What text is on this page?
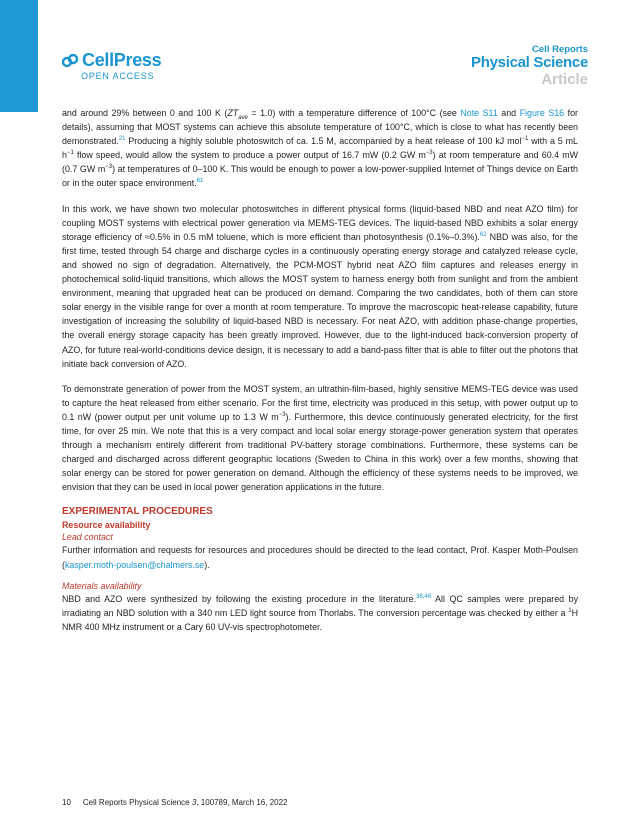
CellPress
OPEN ACCESS
Cell Reports
Physical Science
Article

and around 29% between 0 and 100 K $(ZT_{ave} = 1.0)$ with a temperature difference of 100°C (see Note S11 and Figure S16 for details), assuming that MOST systems can achieve this absolute temperature of 100°C, which is close to what has recently been demonstrated.$^{21}$ Producing a highly soluble photoswitch of ca. 1.5 M, accompanied by a heat release of 100 kJ mol$^{-1}$ with a 5 mL $h^{-1}$ flow speed, would allow the system to produce a power output of 16.7 mW (0.2 GW $m^{-3}$) at room temperature and 60.4 mW (0.7 GW $m^{-3}$) at temperatures of 0–100 K. This would be enough to power a low-power-supplied Internet of Things device on Earth or in the outer space environment.$^{61}$

In this work, we have shown two molecular photoswitches in different physical forms (liquid-based NBD and neat AZO film) for coupling MOST systems with electrical power generation via MEMS-TEG devices. The liquid-based NBD exhibits a solar energy storage efficiency of ≈0.5% in 0.5 mM toluene, which is more efficient than photosynthesis (0.1%–0.3%).$^{62}$ NBD was also, for the first time, tested through 54 charge and discharge cycles in a continuously operating energy storage and catalyzed release cycle, and showed no sign of degradation. Alternatively, the PCM-MOST hybrid neat AZO film captures and releases energy in photochemical solid-liquid transitions, which allows the MOST system to harness energy both from sunlight and from the ambient environment, meaning that upgraded heat can be produced on demand. Comparing the two candidates, both of them can store solar energy in the visible range for over a month at room temperature. To improve the macroscopic heat-release capability, future investigation of increasing the solubility of liquid-based NBD is necessary. For neat AZO, with addition phase-change properties, the overall energy storage capacity has been greatly improved. However, due to the light-induced back-conversion property of AZO, for future real-world-conditions device design, it is necessary to add a band-pass filter that is able to filter out the photons that initiate back conversion of AZO.

To demonstrate generation of power from the MOST system, an ultrathin-film-based, highly sensitive MEMS-TEG device was used to capture the heat released from either scenario. For the first time, electricity was produced in this setup, with power output up to 0.1 nW (power output per unit volume up to 1.3 W $m^{-3}$). Furthermore, this device continuously generated electricity, for the first time, for over 25 min. We note that this is a very compact and local solar energy storage-power generation system that operates through a mechanism entirely different from traditional PV-battery storage combinations. Furthermore, these systems can be charged and discharged across different geographic locations (Sweden to China in this work) over a few months, showing that solar energy can be stored for power generation on demand. Although the efficiency of these systems needs to be improved, we envision that they can be used in local power generation applications in the future.

EXPERIMENTAL PROCEDURES
Resource availability
Lead contact

Further information and requests for resources and procedures should be directed to the lead contact, Prof. Kasper Moth-Poulsen (kasper.moth-poulsen@chalmers.se).

Materials availability

NBD and AZO were synthesized by following the existing procedure in the literature.$^{38,46}$ All QC samples were prepared by irradiating an NBD solution with a 340 nm LED light source from Thorlabs. The conversion percentage was checked by either a $^1$H NMR 400 MHz instrument or a Cary 60 UV-vis spectrophotometer.

10 Cell Reports Physical Science 3, 100789, March 16, 2022
